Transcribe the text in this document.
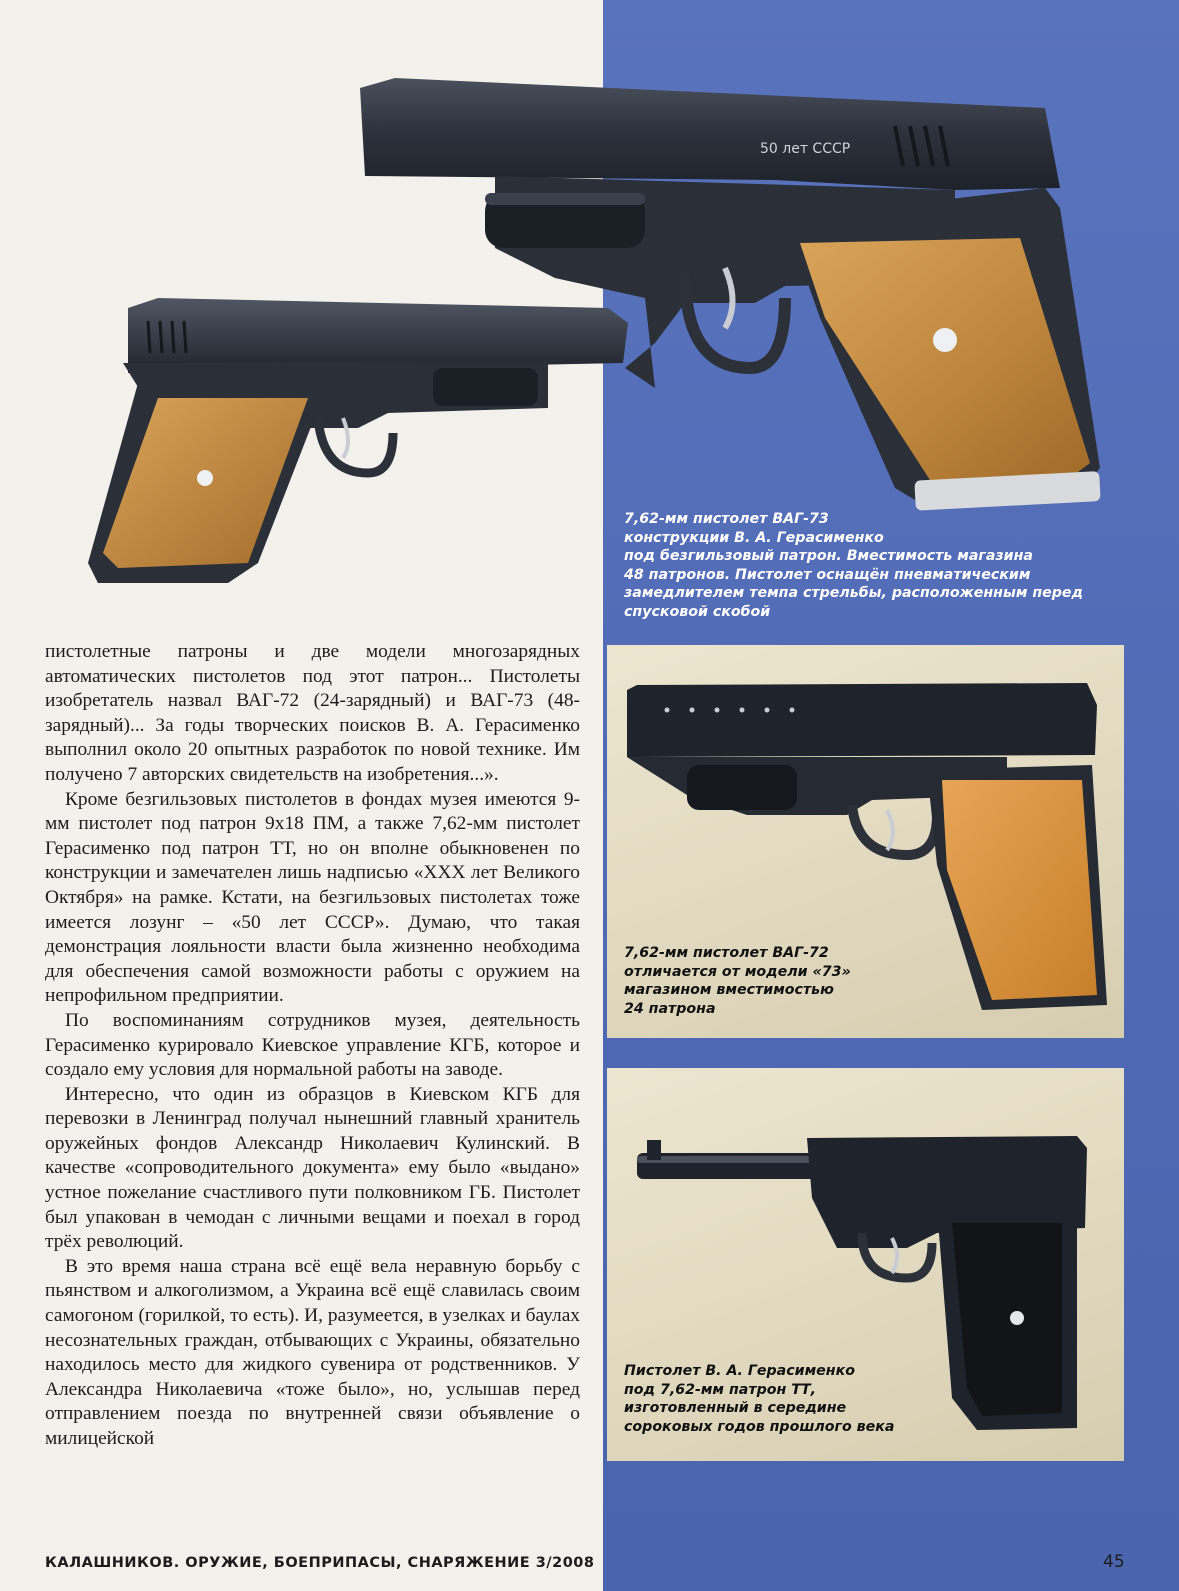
50 лет СССР
7,62-мм пистолет ВАГ-73
конструкции В. А. Герасименко
под безгильзовый патрон. Вместимость магазина
48 патронов. Пистолет оснащён пневматическим
замедлителем темпа стрельбы, расположенным перед
спусковой скобой
7,62-мм пистолет ВАГ-72
отличается от модели «73»
магазином вместимостью
24 патрона
Пистолет В. А. Герасименко
под 7,62-мм патрон ТТ,
изготовленный в середине
сороковых годов прошлого века

пистолетные патроны и две модели многозарядных автоматических пистолетов под этот патрон... Пистолеты изобретатель назвал ВАГ-72 (24-зарядный) и ВАГ-73 (48-зарядный)... За годы творческих поисков В. А. Герасименко выполнил около 20 опытных разработок по новой технике. Им получено 7 авторских свидетельств на изобретения...».

Кроме безгильзовых пистолетов в фондах музея имеются 9-мм пистолет под патрон 9х18 ПМ, а также 7,62-мм пистолет Герасименко под патрон ТТ, но он вполне обыкновенен по конструкции и замечателен лишь надписью «XXX лет Великого Октября» на рамке. Кстати, на безгильзовых пистолетах тоже имеется лозунг – «50 лет СССР». Думаю, что такая демонстрация лояльности власти была жизненно необходима для обеспечения самой возможности работы с оружием на непрофильном предприятии.

По воспоминаниям сотрудников музея, деятельность Герасименко курировало Киевское управление КГБ, которое и создало ему условия для нормальной работы на заводе.

Интересно, что один из образцов в Киевском КГБ для перевозки в Ленинград получал нынешний главный хранитель оружейных фондов Александр Николаевич Кулинский. В качестве «сопроводительного документа» ему было «выдано» устное пожелание счастливого пути полковником ГБ. Пистолет был упакован в чемодан с личными вещами и поехал в город трёх революций.

В это время наша страна всё ещё вела неравную борьбу с пьянством и алкоголизмом, а Украина всё ещё славилась своим самогоном (горилкой, то есть). И, разумеется, в узелках и баулах несознательных граждан, отбывающих с Украины, обязательно находилось место для жидкого сувенира от родственников. У Александра Николаевича «тоже было», но, услышав перед отправлением поезда по внутренней связи объявление о милицейской

КАЛАШНИКОВ. ОРУЖИЕ, БОЕПРИПАСЫ, СНАРЯЖЕНИЕ 3/2008	45
